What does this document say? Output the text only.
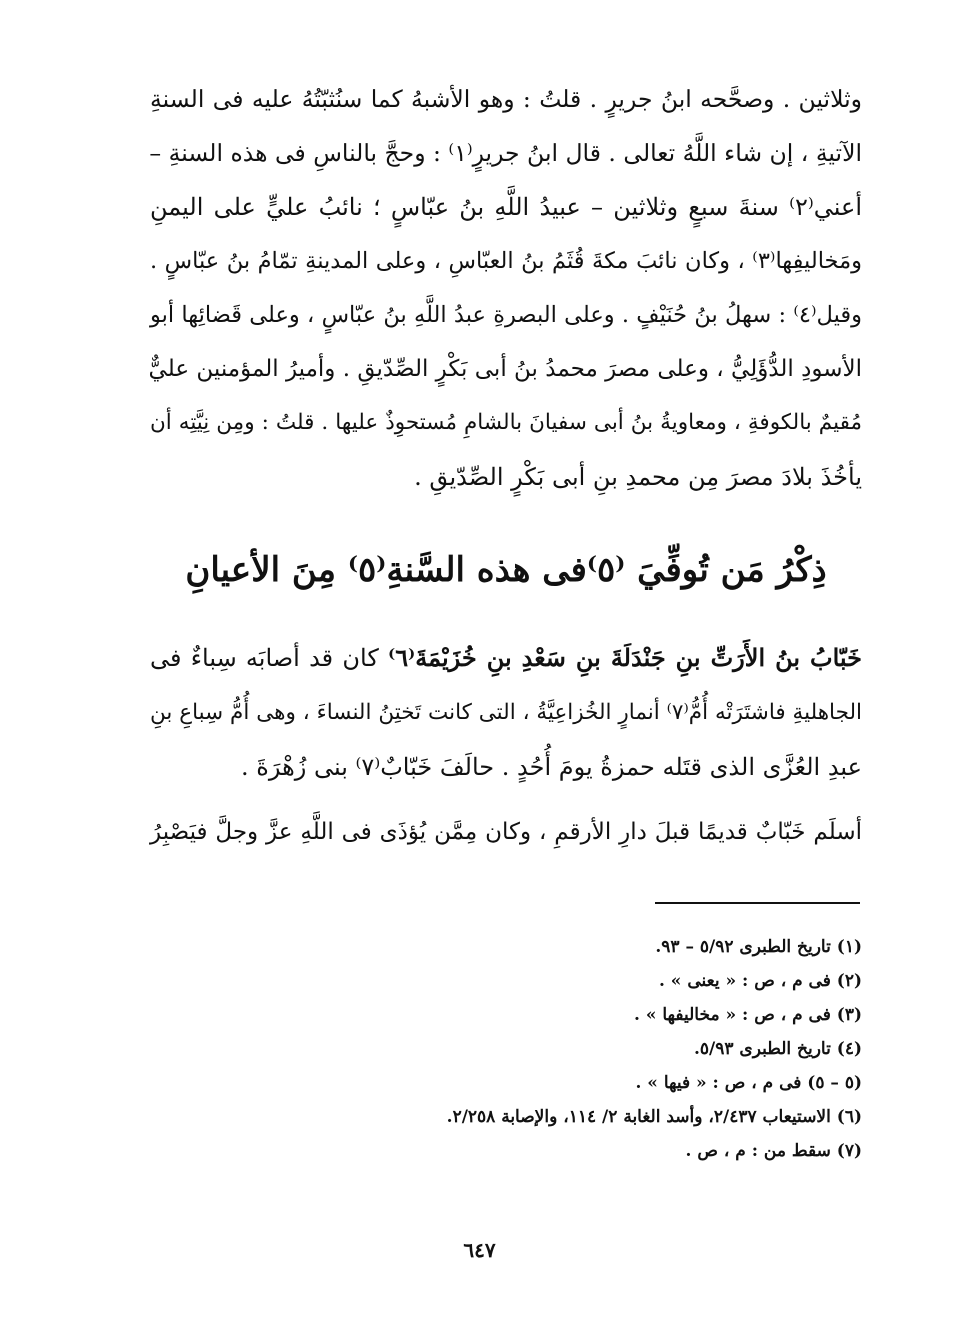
وثلاثين . وصحَّحه ابنُ جريرٍ . قلتُ : وهو الأشبهُ كما سنُثبّتُهُ عليه فى السنةِ
الآتيةِ ، إن شاء اللَّهُ تعالى . قال ابنُ جريرٍ⁽١⁾ : وحجَّ بالناسِ فى هذه السنةِ –
أعني⁽٢⁾ سنةَ سبعٍ وثلاثين – عبيدُ اللَّهِ بنُ عبّاسٍ ؛ نائبُ عليٍّ على اليمنِ
ومَخاليفِها⁽٣⁾ ، وكان نائبَ مكةَ قُثَمُ بنُ العبّاسِ ، وعلى المدينةِ تمّامُ بنُ عبّاسٍ .
وقيل⁽٤⁾ : سهلُ بنُ حُنَيْفٍ . وعلى البصرةِ عبدُ اللَّهِ بنُ عبّاسٍ ، وعلى قَضائِها أبو
الأسودِ الدُّؤَلِيُّ ، وعلى مصرَ محمدُ بنُ أبى بَكْرٍ الصِّدّيقِ . وأميرُ المؤمنين عليٌّ
مُقيمٌ بالكوفةِ ، ومعاويةُ بنُ أبى سفيانَ بالشامِ مُستحوِذٌ عليها . قلتُ : ومِن نِيَّتِه أن
يأخُذَ بلادَ مصرَ مِن محمدِ بنِ أبى بَكْرٍ الصِّدّيقِ .
ذِكْرُ مَن تُوفِّيَ ⁽٥⁾فى هذه السَّنةِ⁽٥⁾ مِنَ الأعيانِ
خَبّابُ بنُ الأَرَتِّ بنِ جَنْدَلَةَ بنِ سَعْدِ بنِ خُزَيْمَةَ⁽٦⁾ كان قد أصابَه سِباءٌ فى
الجاهليةِ فاشتَرَتْه أُمُّ⁽٧⁾ أنمارٍ الخُزاعِيَّةُ ، التى كانت تَختِنُ النساءَ ، وهى أُمُّ سِباعِ بنِ
عبدِ العُزَّى الذى قتَله حمزةُ يومَ أُحُدٍ . حالَفَ خَبّابٌ⁽٧⁾ بنى زُهْرَةَ .
أسلَم خَبّابٌ قديمًا قبلَ دارِ الأرقمِ ، وكان مِمَّن يُؤذَى فى اللَّهِ عزَّ وجلَّ فيَصْبِرُ
(١) تاريخ الطبرى ٥/٩٢ – ٩٣.
(٢) فى م ، ص : « يعنى » .
(٣) فى م ، ص : « مخاليفها » .
(٤) تاريخ الطبرى ٥/٩٣.
(٥ – ٥) فى م ، ص : « فيها » .
(٦) الاستيعاب ٢/٤٣٧، وأسد الغابة ٢/ ١١٤، والإصابة ٢/٢٥٨.
(٧) سقط من : م ، ص .
٦٤٧
